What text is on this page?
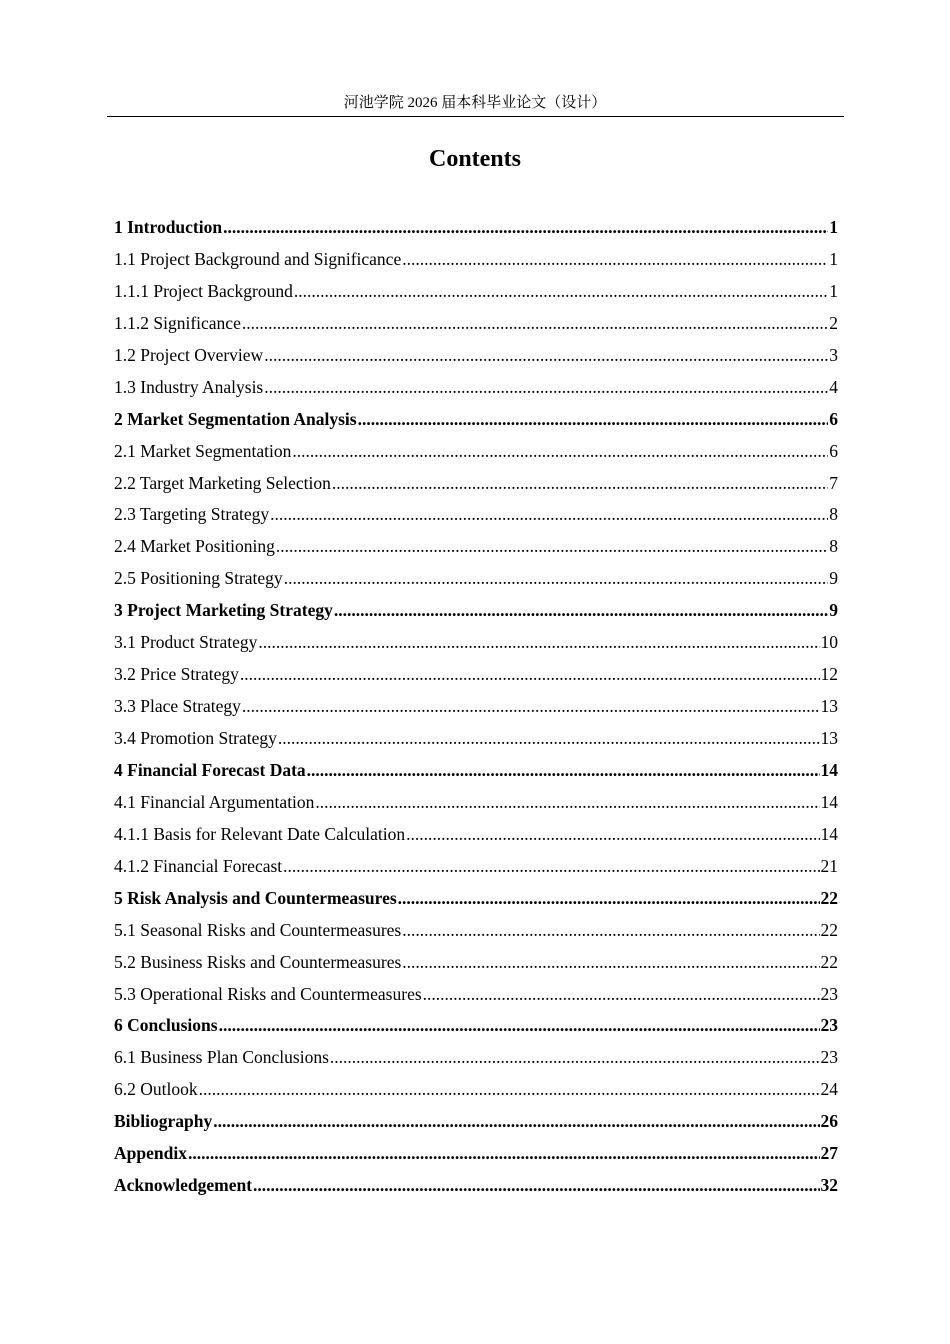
河池学院 2026 届本科毕业论文（设计）
Contents
1 Introduction .....	1
1.1 Project Background and Significance .....	1
1.1.1 Project Background .....	1
1.1.2 Significance .....	2
1.2 Project Overview .....	3
1.3 Industry Analysis .....	4
2 Market Segmentation Analysis .....	6
2.1 Market Segmentation .....	6
2.2 Target Marketing Selection .....	7
2.3 Targeting Strategy .....	8
2.4 Market Positioning .....	8
2.5 Positioning Strategy .....	9
3 Project Marketing Strategy .....	9
3.1 Product Strategy .....	10
3.2 Price Strategy .....	12
3.3 Place Strategy .....	13
3.4 Promotion Strategy .....	13
4 Financial Forecast Data .....	14
4.1 Financial Argumentation .....	14
4.1.1 Basis for Relevant Date Calculation .....	14
4.1.2 Financial Forecast .....	21
5 Risk Analysis and Countermeasures .....	22
5.1 Seasonal Risks and Countermeasures .....	22
5.2 Business Risks and Countermeasures .....	22
5.3 Operational Risks and Countermeasures .....	23
6 Conclusions .....	23
6.1 Business Plan Conclusions .....	23
6.2 Outlook .....	24
Bibliography .....	26
Appendix .....	27
Acknowledgement .....	32
